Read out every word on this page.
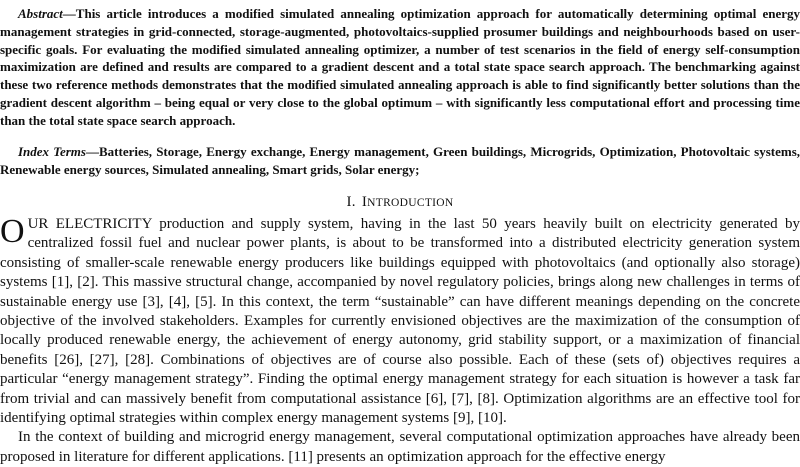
Abstract—This article introduces a modified simulated annealing optimization approach for automatically determining optimal energy management strategies in grid-connected, storage-augmented, photovoltaics-supplied prosumer buildings and neighbourhoods based on user-specific goals. For evaluating the modified simulated annealing optimizer, a number of test scenarios in the field of energy self-consumption maximization are defined and results are compared to a gradient descent and a total state space search approach. The benchmarking against these two reference methods demonstrates that the modified simulated annealing approach is able to find significantly better solutions than the gradient descent algorithm – being equal or very close to the global optimum – with significantly less computational effort and processing time than the total state space search approach.
Index Terms—Batteries, Storage, Energy exchange, Energy management, Green buildings, Microgrids, Optimization, Photovoltaic systems, Renewable energy sources, Simulated annealing, Smart grids, Solar energy;
I. INTRODUCTION

OUR ELECTRICITY production and supply system, having in the last 50 years heavily built on electricity generated by centralized fossil fuel and nuclear power plants, is about to be transformed into a distributed electricity generation system consisting of smaller-scale renewable energy producers like buildings equipped with photovoltaics (and optionally also storage) systems [1], [2]. This massive structural change, accompanied by novel regulatory policies, brings along new challenges in terms of sustainable energy use [3], [4], [5]. In this context, the term “sustainable” can have different meanings depending on the concrete objective of the involved stakeholders. Examples for currently envisioned objectives are the maximization of the consumption of locally produced renewable energy, the achievement of energy autonomy, grid stability support, or a maximization of financial benefits [26], [27], [28]. Combinations of objectives are of course also possible. Each of these (sets of) objectives requires a particular “energy management strategy”. Finding the optimal energy management strategy for each situation is however a task far from trivial and can massively benefit from computational assistance [6], [7], [8]. Optimization algorithms are an effective tool for identifying optimal strategies within complex energy management systems [9], [10].

In the context of building and microgrid energy management, several computational optimization approaches have already been proposed in literature for different applications. [11] presents an optimization approach for the effective energy
